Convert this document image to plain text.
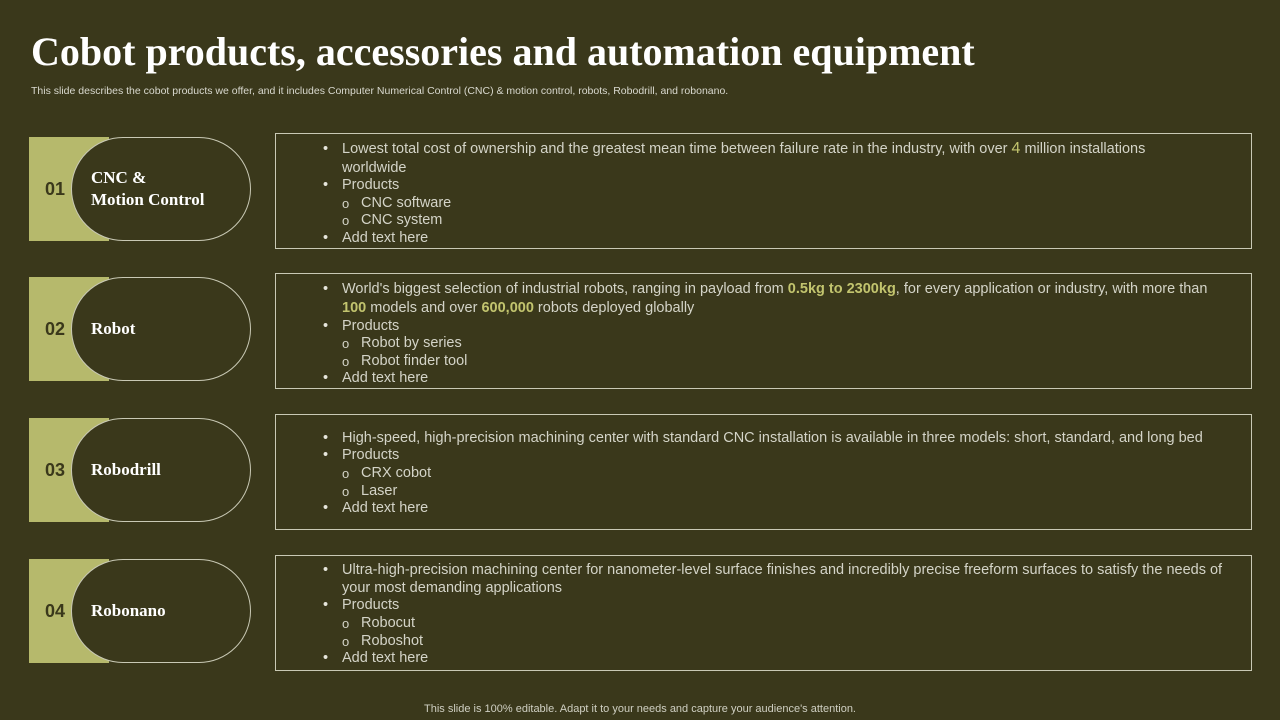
Cobot products, accessories and automation equipment
This slide describes the cobot products we offer, and it includes Computer Numerical Control (CNC) & motion control, robots, Robodrill, and robonano.
01
CNC &
Motion Control
• Lowest total cost of ownership and the greatest mean time between failure rate in the industry, with over 4 million installations
worldwide
• Products
o CNC software
o CNC system
• Add text here
02	Robot
• World's biggest selection of industrial robots, ranging in payload from 0.5kg to 2300kg, for every application or industry, with more than
100 models and over 600,000 robots deployed globally
• Products
o Robot by series
o Robot finder tool
• Add text here
03	Robodrill
• High-speed, high-precision machining center with standard CNC installation is available in three models: short, standard, and long bed
• Products
o CRX cobot
o Laser
• Add text here
04	Robonano
• Ultra-high-precision machining center for nanometer-level surface finishes and incredibly precise freeform surfaces to satisfy the needs of
your most demanding applications
• Products
o Robocut
o Roboshot
• Add text here
This slide is 100% editable. Adapt it to your needs and capture your audience's attention.
